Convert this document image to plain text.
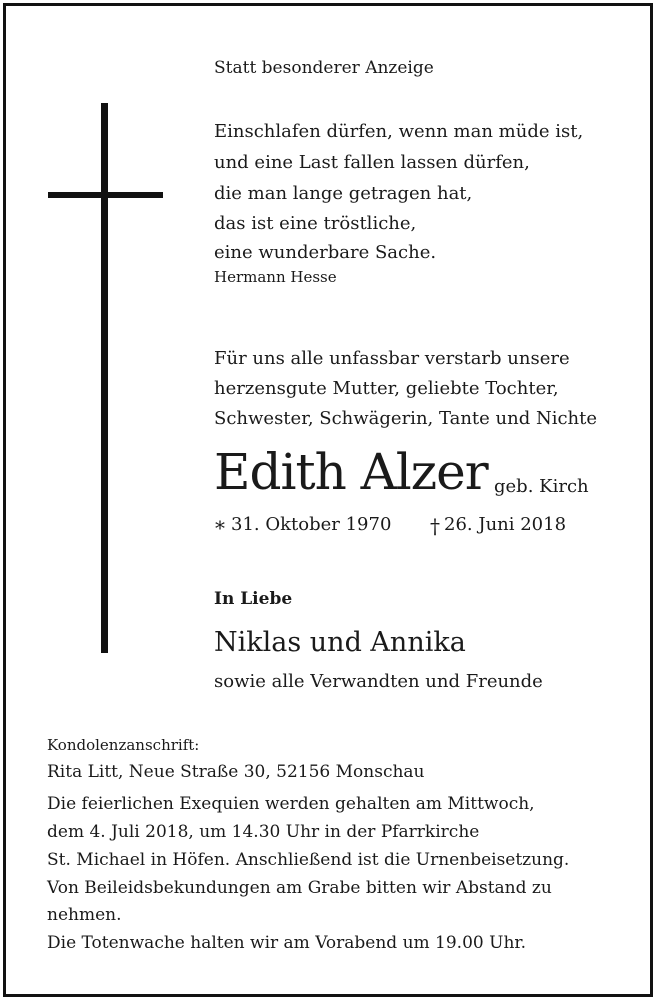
Statt besonderer Anzeige

Einschlafen dürfen, wenn man müde ist,

und eine Last fallen lassen dürfen,

die man lange getragen hat,

das ist eine tröstliche,

eine wunderbare Sache.

Hermann Hesse

Für uns alle unfassbar verstarb unsere

herzensgute Mutter, geliebte Tochter,

Schwester, Schwägerin, Tante und Nichte

Edith Alzer geb. Kirch
* 31. Oktober 1970 † 26. Juni 2018

In Liebe

Niklas und Annika

sowie alle Verwandten und Freunde

Kondolenzanschrift:

Rita Litt, Neue Straße 30, 52156 Monschau

Die feierlichen Exequien werden gehalten am Mittwoch,

dem 4. Juli 2018, um 14.30 Uhr in der Pfarrkirche

St. Michael in Höfen. Anschließend ist die Urnenbeisetzung.

Von Beileidsbekundungen am Grabe bitten wir Abstand zu

nehmen.

Die Totenwache halten wir am Vorabend um 19.00 Uhr.
